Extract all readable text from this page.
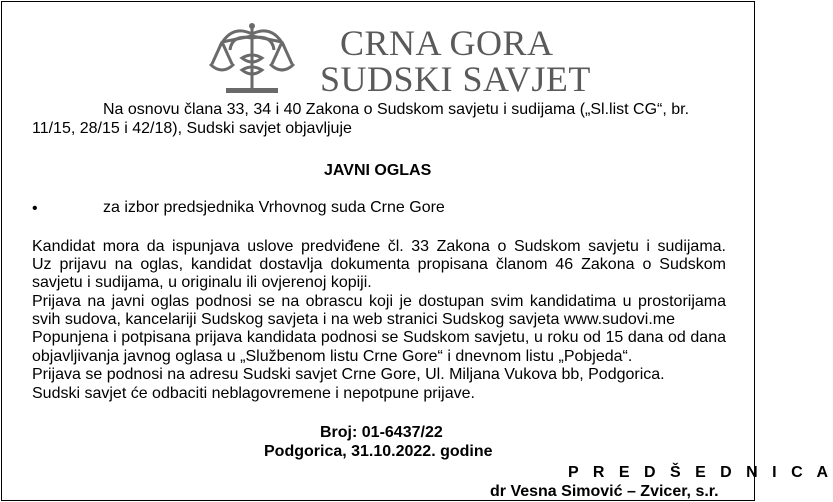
CRNA GORA
SUDSKI SAVJET
Na osnovu člana 33, 34 i 40 Zakona o Sudskom savjetu i sudijama („Sl.list CG“, br.
11/15, 28/15 i 42/18), Sudski savjet objavljuje
JAVNI OGLAS
•	za izbor predsjednika Vrhovnog suda Crne Gore
Kandidat mora da ispunjava uslove predviđene čl. 33 Zakona o Sudskom savjetu i sudijama.
Uz prijavu na oglas, kandidat dostavlja dokumenta propisana članom 46 Zakona o Sudskom
savjetu i sudijama, u originalu ili ovjerenoj kopiji.
Prijava na javni oglas podnosi se na obrascu koji je dostupan svim kandidatima u prostorijama
svih sudova, kancelariji Sudskog savjeta i na web stranici Sudskog savjeta www.sudovi.me
Popunjena i potpisana prijava kandidata podnosi se Sudskom savjetu, u roku od 15 dana od dana
objavljivanja javnog oglasa u „Službenom listu Crne Gore“ i dnevnom listu „Pobjeda“.
Prijava se podnosi na adresu Sudski savjet Crne Gore, Ul. Miljana Vukova bb, Podgorica.
Sudski savjet će odbaciti neblagovremene i nepotpune prijave.
Broj: 01-6437/22
Podgorica, 31.10.2022. godine
P R E D Š E D N I C A
dr Vesna Simović – Zvicer, s.r.
